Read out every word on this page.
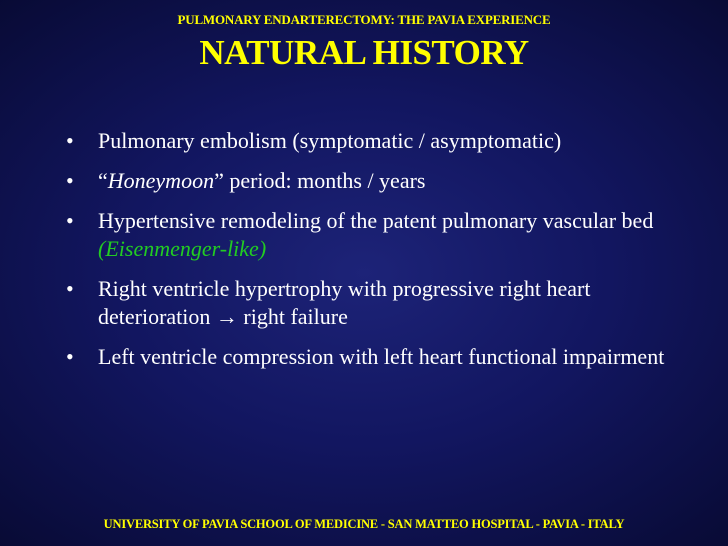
PULMONARY ENDARTERECTOMY: THE PAVIA EXPERIENCE
NATURAL HISTORY
• Pulmonary embolism (symptomatic / asymptomatic)
• “Honeymoon” period: months / years
• Hypertensive remodeling of the patent pulmonary vascular bed (Eisenmenger-like)
• Right ventricle hypertrophy with progressive right heart deterioration → right failure
• Left ventricle compression with left heart functional impairment
UNIVERSITY OF PAVIA SCHOOL OF MEDICINE - SAN MATTEO HOSPITAL - PAVIA - ITALY
